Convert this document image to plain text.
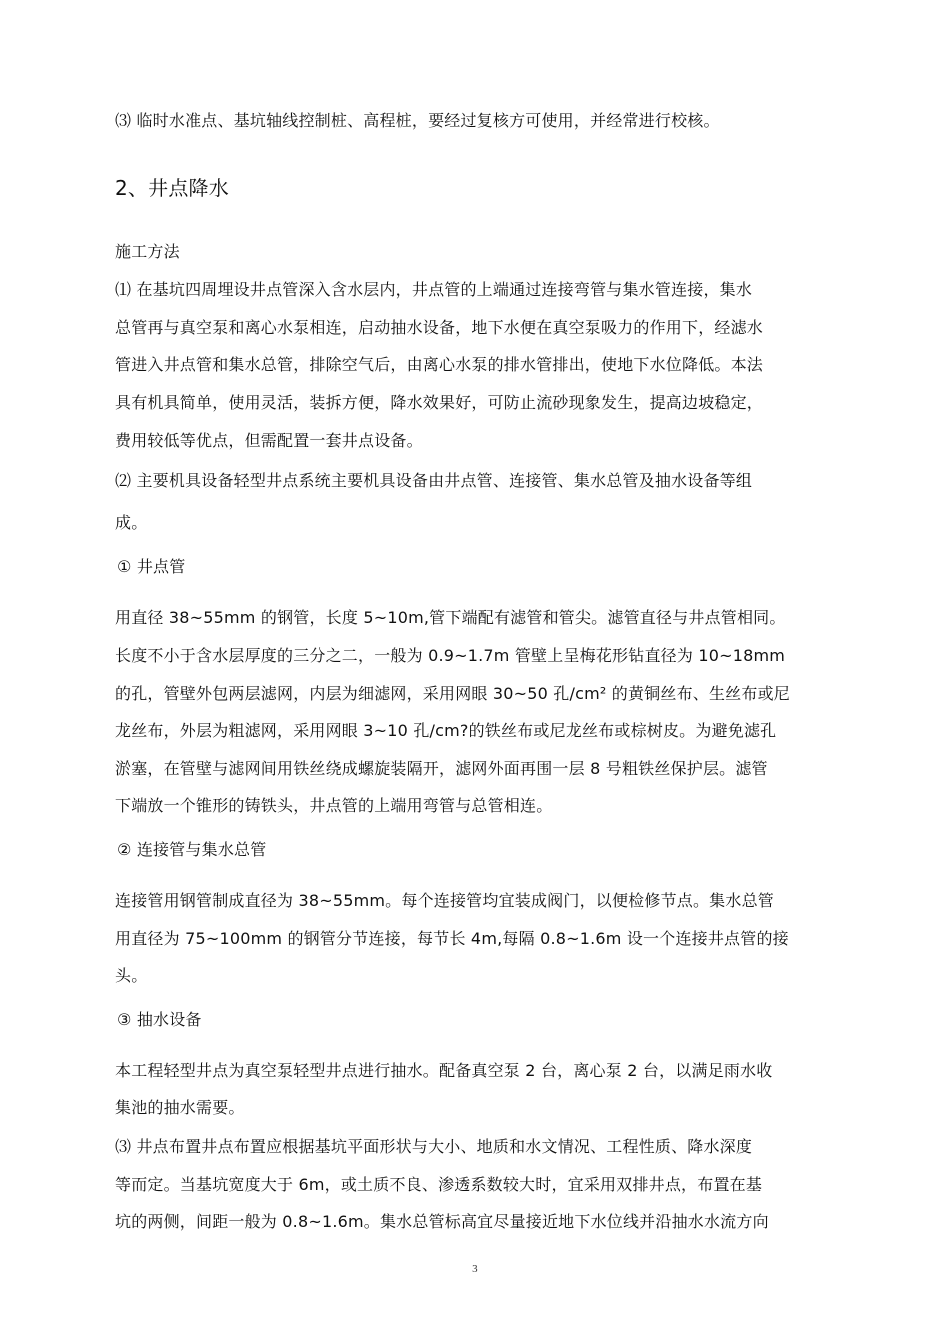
⑶ 临时水准点、基坑轴线控制桩、高程桩，要经过复核方可使用，并经常进行校核。
2、井点降水
施工方法
⑴ 在基坑四周埋设井点管深入含水层内，井点管的上端通过连接弯管与集水管连接，集水
总管再与真空泵和离心水泵相连，启动抽水设备，地下水便在真空泵吸力的作用下，经滤水
管进入井点管和集水总管，排除空气后，由离心水泵的排水管排出，使地下水位降低。本法
具有机具简单，使用灵活，装拆方便，降水效果好，可防止流砂现象发生，提高边坡稳定，
费用较低等优点，但需配置一套井点设备。
⑵ 主要机具设备轻型井点系统主要机具设备由井点管、连接管、集水总管及抽水设备等组
成。
① 井点管
用直径 38~55mm 的钢管，长度 5~10m,管下端配有滤管和管尖。滤管直径与井点管相同。
长度不小于含水层厚度的三分之二，一般为 0.9~1.7m 管壁上呈梅花形钻直径为 10~18mm
的孔，管壁外包两层滤网，内层为细滤网，采用网眼 30~50 孔/cm² 的黄铜丝布、生丝布或尼
龙丝布，外层为粗滤网，采用网眼 3~10 孔/cm?的铁丝布或尼龙丝布或棕树皮。为避免滤孔
淤塞，在管壁与滤网间用铁丝绕成螺旋装隔开，滤网外面再围一层 8 号粗铁丝保护层。滤管
下端放一个锥形的铸铁头，井点管的上端用弯管与总管相连。
② 连接管与集水总管
连接管用钢管制成直径为 38~55mm。每个连接管均宜装成阀门，以便检修节点。集水总管
用直径为 75~100mm 的钢管分节连接，每节长 4m,每隔 0.8~1.6m 设一个连接井点管的接
头。
③ 抽水设备
本工程轻型井点为真空泵轻型井点进行抽水。配备真空泵 2 台，离心泵 2 台，以满足雨水收
集池的抽水需要。
⑶ 井点布置井点布置应根据基坑平面形状与大小、地质和水文情况、工程性质、降水深度
等而定。当基坑宽度大于 6m，或土质不良、渗透系数较大时，宜采用双排井点，布置在基
坑的两侧，间距一般为 0.8~1.6m。集水总管标高宜尽量接近地下水位线并沿抽水水流方向
3
